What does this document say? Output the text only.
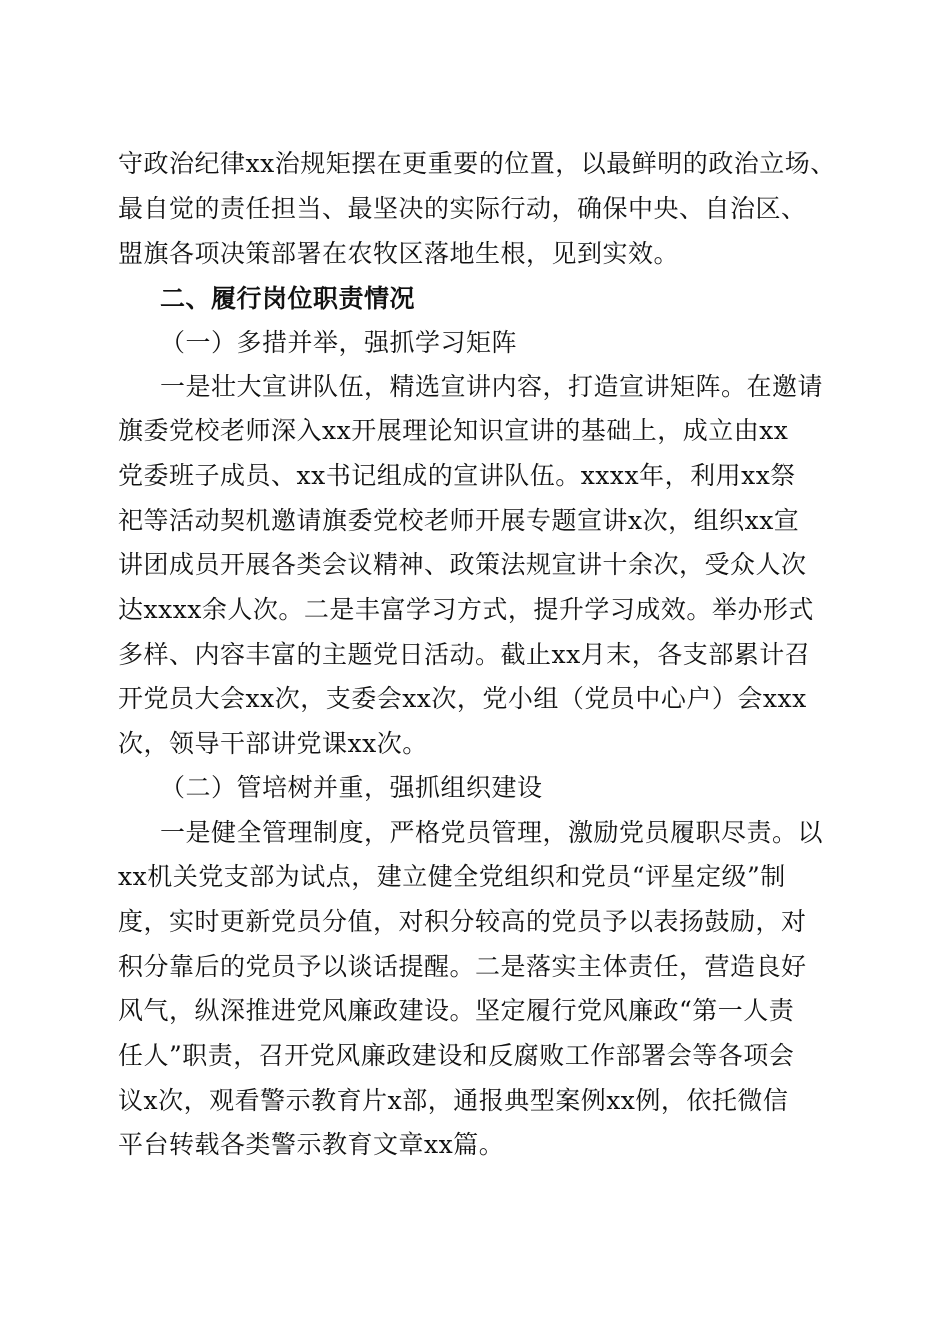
守政治纪律xx治规矩摆在更重要的位置，以最鲜明的政治立场、
最自觉的责任担当、最坚决的实际行动，确保中央、自治区、
盟旗各项决策部署在农牧区落地生根，见到实效。
二、履行岗位职责情况
（一）多措并举，强抓学习矩阵
一是壮大宣讲队伍，精选宣讲内容，打造宣讲矩阵。在邀请
旗委党校老师深入xx开展理论知识宣讲的基础上，成立由xx
党委班子成员、xx书记组成的宣讲队伍。xxxx年，利用xx祭
祀等活动契机邀请旗委党校老师开展专题宣讲x次，组织xx宣
讲团成员开展各类会议精神、政策法规宣讲十余次，受众人次
达xxxx余人次。二是丰富学习方式，提升学习成效。举办形式
多样、内容丰富的主题党日活动。截止xx月末，各支部累计召
开党员大会xx次，支委会xx次，党小组（党员中心户）会xxx
次，领导干部讲党课xx次。
（二）管培树并重，强抓组织建设
一是健全管理制度，严格党员管理，激励党员履职尽责。以
xx机关党支部为试点，建立健全党组织和党员“评星定级”制
度，实时更新党员分值，对积分较高的党员予以表扬鼓励，对
积分靠后的党员予以谈话提醒。二是落实主体责任，营造良好
风气，纵深推进党风廉政建设。坚定履行党风廉政“第一人责
任人”职责，召开党风廉政建设和反腐败工作部署会等各项会
议x次，观看警示教育片x部，通报典型案例xx例，依托微信
平台转载各类警示教育文章xx篇。
